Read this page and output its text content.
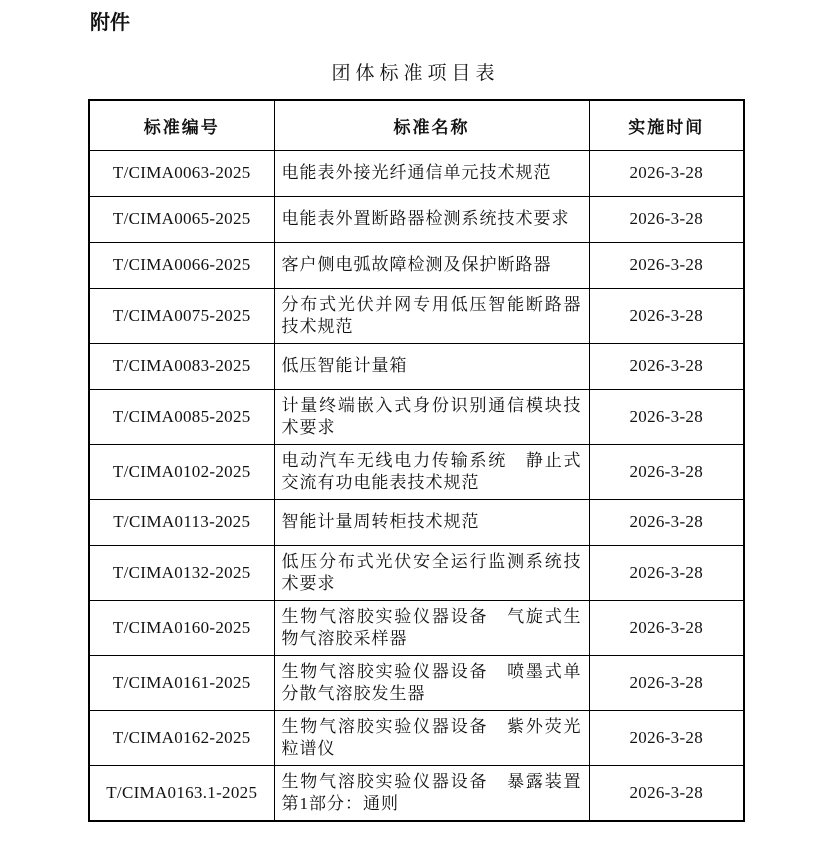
附件
团体标准项目表
标准编号	标准名称	实施时间
T/CIMA0063-2025	电能表外接光纤通信单元技术规范	2026-3-28
T/CIMA0065-2025	电能表外置断路器检测系统技术要求	2026-3-28
T/CIMA0066-2025	客户侧电弧故障检测及保护断路器	2026-3-28
T/CIMA0075-2025	分布式光伏并网专用低压智能断路器技术规范	2026-3-28
T/CIMA0083-2025	低压智能计量箱	2026-3-28
T/CIMA0085-2025	计量终端嵌入式身份识别通信模块技术要求	2026-3-28
T/CIMA0102-2025	电动汽车无线电力传输系统　静止式交流有功电能表技术规范	2026-3-28
T/CIMA0113-2025	智能计量周转柜技术规范	2026-3-28
T/CIMA0132-2025	低压分布式光伏安全运行监测系统技术要求	2026-3-28
T/CIMA0160-2025	生物气溶胶实验仪器设备　气旋式生物气溶胶采样器	2026-3-28
T/CIMA0161-2025	生物气溶胶实验仪器设备　喷墨式单分散气溶胶发生器	2026-3-28
T/CIMA0162-2025	生物气溶胶实验仪器设备　紫外荧光粒谱仪	2026-3-28
T/CIMA0163.1-2025	生物气溶胶实验仪器设备　暴露装置 第1部分：通则	2026-3-28
